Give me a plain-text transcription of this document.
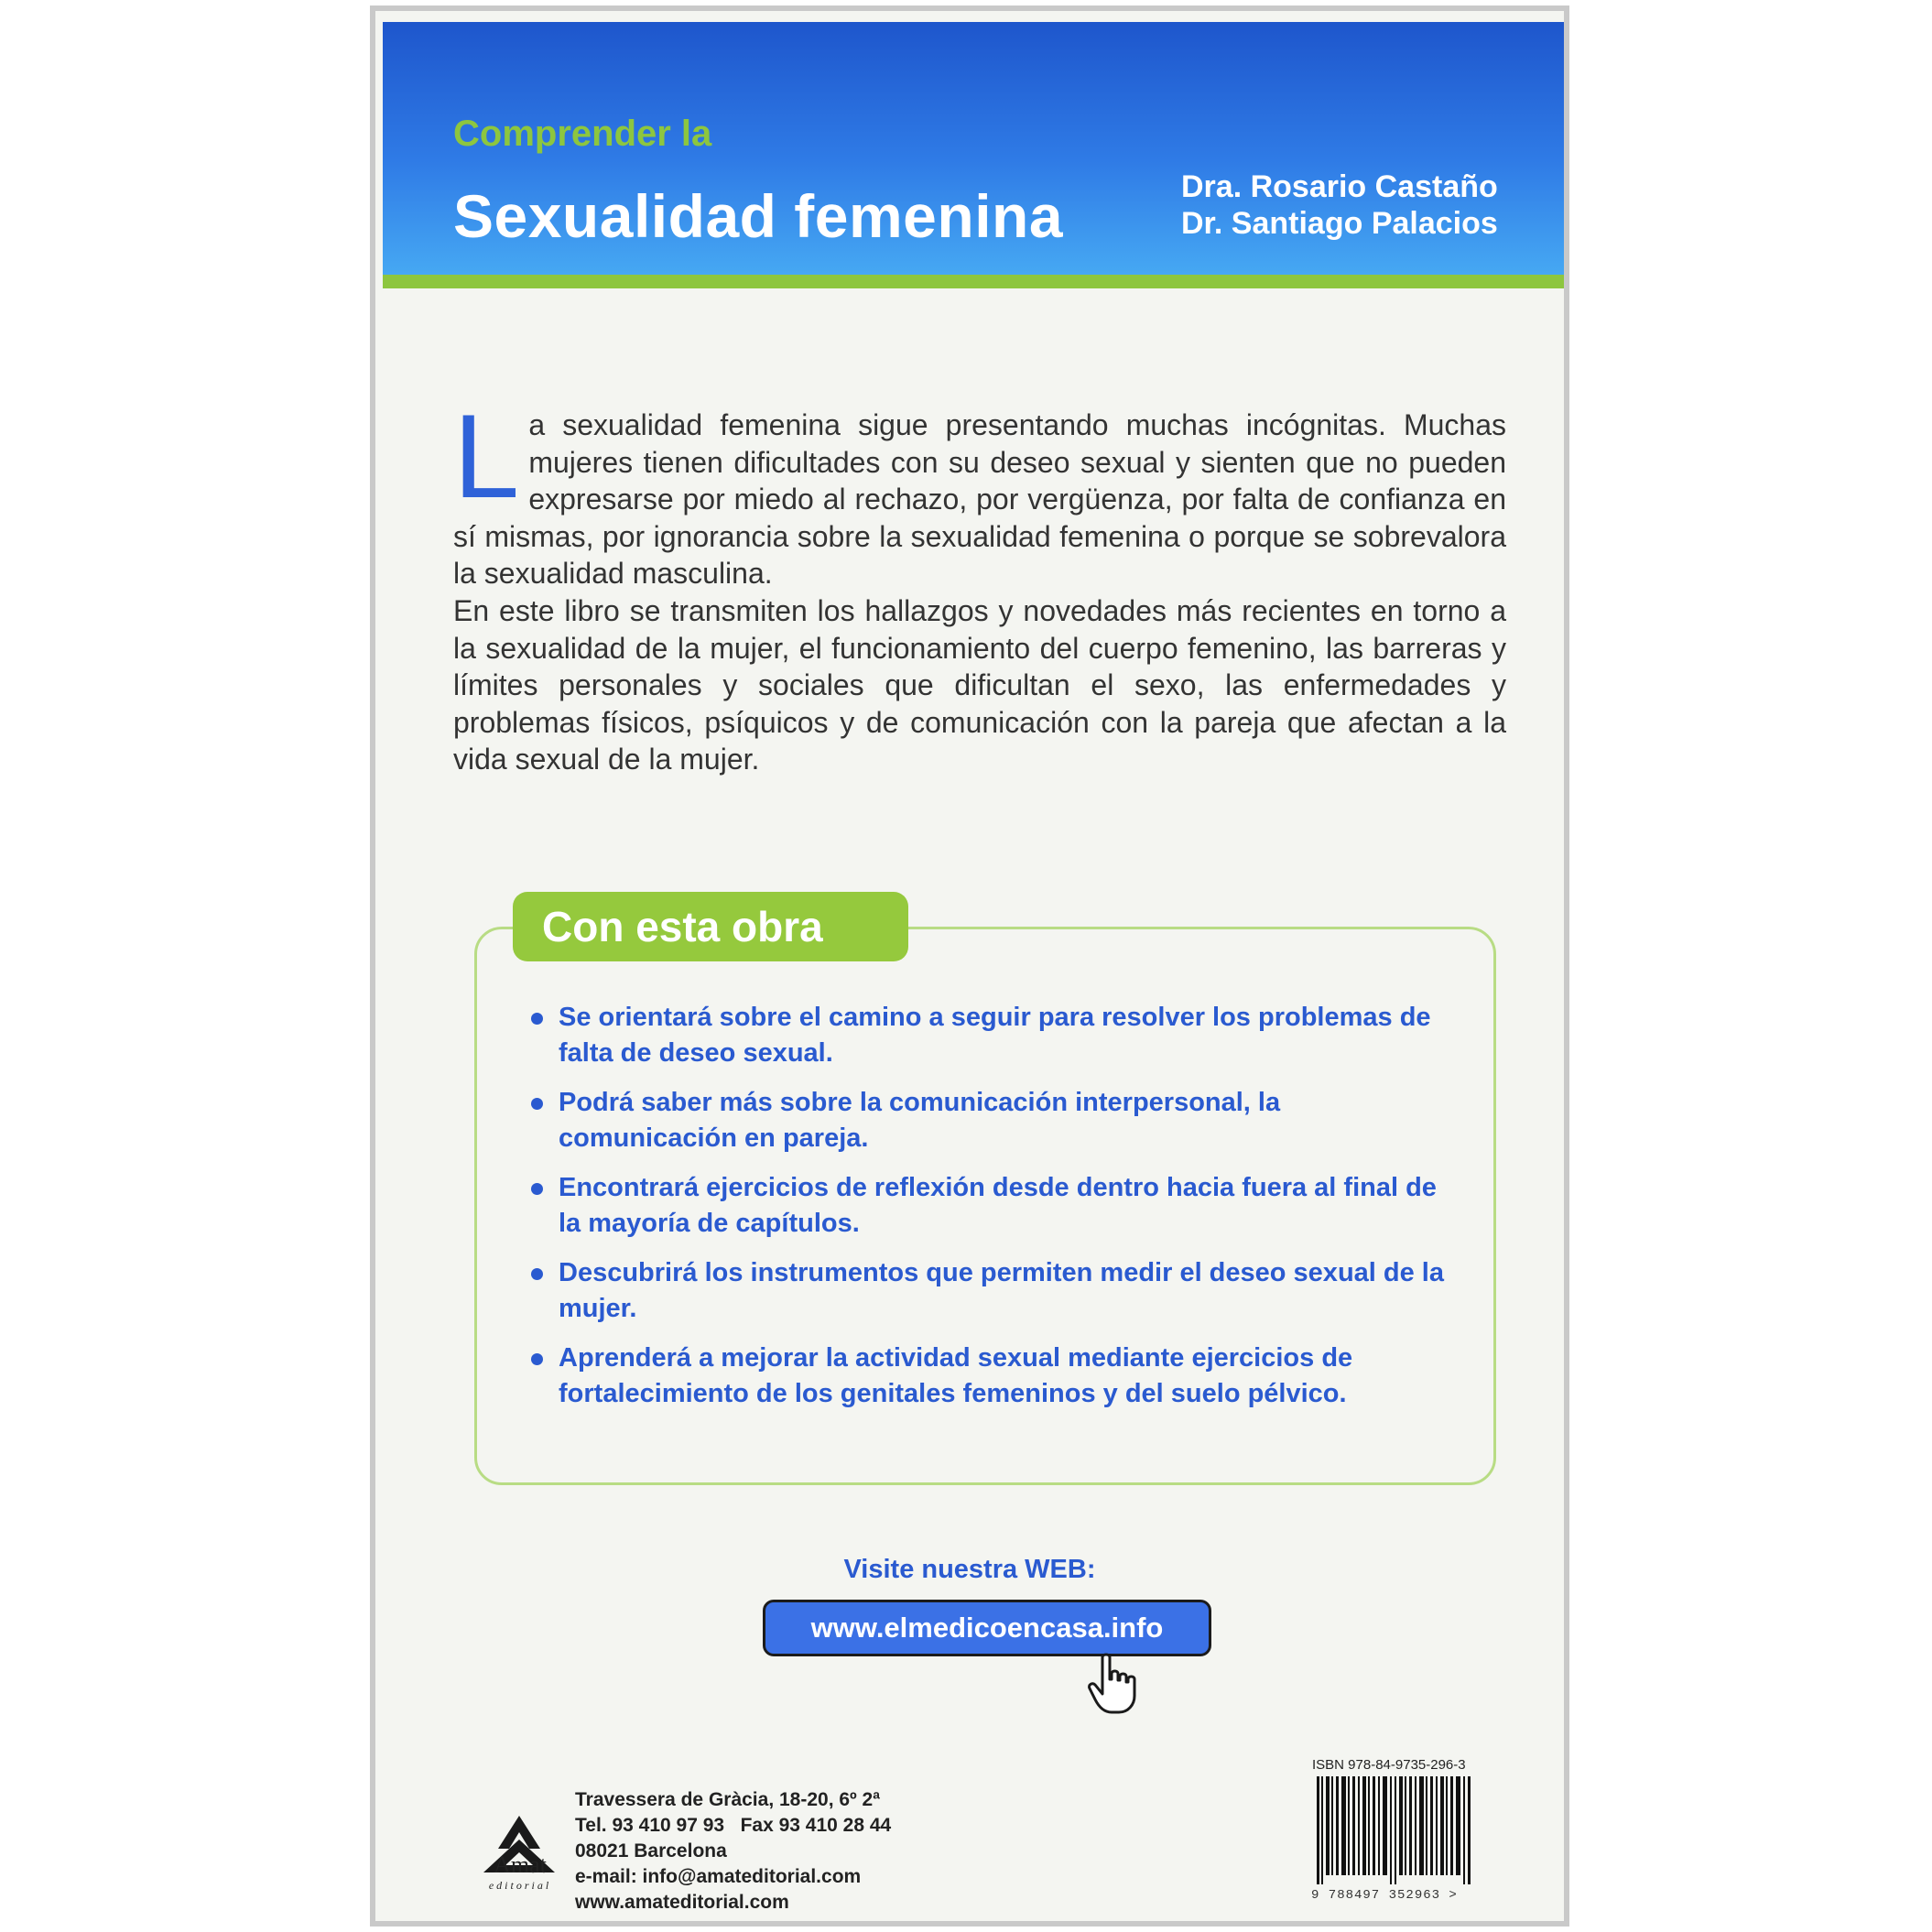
Comprender la
Sexualidad femenina	Dra. Rosario Castaño
Dr. Santiago Palacios
La sexualidad femenina sigue presentando muchas incógnitas. Muchas mujeres tienen dificultades con su deseo sexual y sienten que no pueden expresarse por miedo al rechazo, por vergüenza, por falta de confianza en sí mismas, por ignorancia sobre la sexualidad femenina o porque se sobrevalora la sexualidad masculina.
En este libro se transmiten los hallazgos y novedades más recientes en torno a la sexualidad de la mujer, el funcionamiento del cuerpo femenino, las barreras y límites personales y sociales que dificultan el sexo, las enfermedades y problemas físicos, psíquicos y de comunicación con la pareja que afectan a la vida sexual de la mujer.
Con esta obra
Se orientará sobre el camino a seguir para resolver los problemas de falta de deseo sexual.
Podrá saber más sobre la comunicación interpersonal, la comunicación en pareja.
Encontrará ejercicios de reflexión desde dentro hacia fuera al final de la mayoría de capítulos.
Descubrirá los instrumentos que permiten medir el deseo sexual de la mujer.
Aprenderá a mejorar la actividad sexual mediante ejercicios de fortalecimiento de los genitales femeninos y del suelo pélvico.
Visite nuestra WEB:
www.elmedicoencasa.info
Amat
editorial
Travessera de Gràcia, 18-20, 6º 2ª
Tel. 93 410 97 93   Fax 93 410 28 44
08021 Barcelona
e-mail: info@amateditorial.com
www.amateditorial.com
ISBN 978-84-9735-296-3
9 788497 352963 >
